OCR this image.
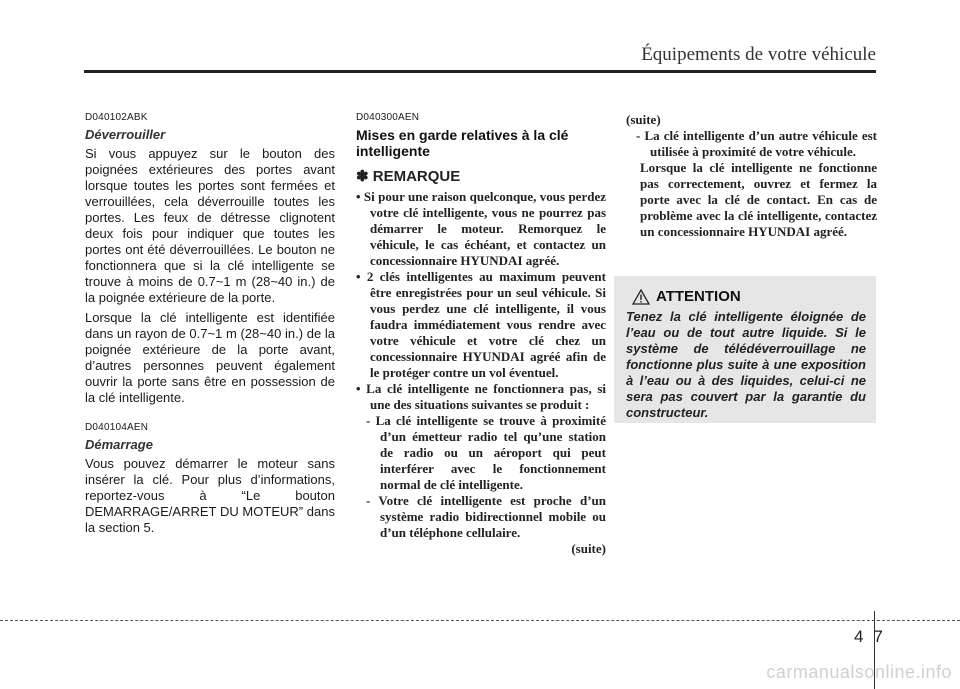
Équipements de votre véhicule

D040102ABK

Déverrouiller

Si vous appuyez sur le bouton des poignées extérieures des portes avant lorsque toutes les portes sont fermées et verrouillées, cela déverrouille toutes les portes. Les feux de détresse clignotent deux fois pour indiquer que toutes les portes ont été déverrouillées. Le bouton ne fonctionnera que si la clé intelligente se trouve à moins de 0.7~1 m (28~40 in.) de la poignée extérieure de la porte.

Lorsque la clé intelligente est identifiée dans un rayon de 0.7~1 m (28~40 in.) de la poignée extérieure de la porte avant, d’autres personnes peuvent également ouvrir la porte sans être en possession de la clé intelligente.

D040104AEN

Démarrage

Vous pouvez démarrer le moteur sans insérer la clé. Pour plus d’informations, reportez-vous à “Le bouton DEMARRAGE/ARRET DU MOTEUR” dans la section 5.

D040300AEN

Mises en garde relatives à la clé intelligente

✽ REMARQUE

• Si pour une raison quelconque, vous perdez votre clé intelligente, vous ne pourrez pas démarrer le moteur. Remorquez le véhicule, le cas échéant, et contactez un concessionnaire HYUNDAI agréé.

• 2 clés intelligentes au maximum peuvent être enregistrées pour un seul véhicule. Si vous perdez une clé intelligente, il vous faudra immédiatement vous rendre avec votre véhicule et votre clé chez un concessionnaire HYUNDAI agréé afin de le protéger contre un vol éventuel.

• La clé intelligente ne fonctionnera pas, si une des situations suivantes se produit :

- La clé intelligente se trouve à proximité d’un émetteur radio tel qu’une station de radio ou un aéroport qui peut interférer avec le fonctionnement normal de clé intelligente.

- Votre clé intelligente est proche d’un système radio bidirectionnel mobile ou d’un téléphone cellulaire.

(suite)

(suite)

- La clé intelligente d’un autre véhicule est utilisée à proximité de votre véhicule.

Lorsque la clé intelligente ne fonctionne pas correctement, ouvrez et fermez la porte avec la clé de contact. En cas de problème avec la clé intelligente, contactez un concessionnaire HYUNDAI agréé.

ATTENTION

Tenez la clé intelligente éloignée de l’eau ou de tout autre liquide. Si le système de télédéverrouillage ne fonctionne plus suite à une exposition à l’eau ou à des liquides, celui-ci ne sera pas couvert par la garantie du constructeur.

47
carmanualsonline.info
